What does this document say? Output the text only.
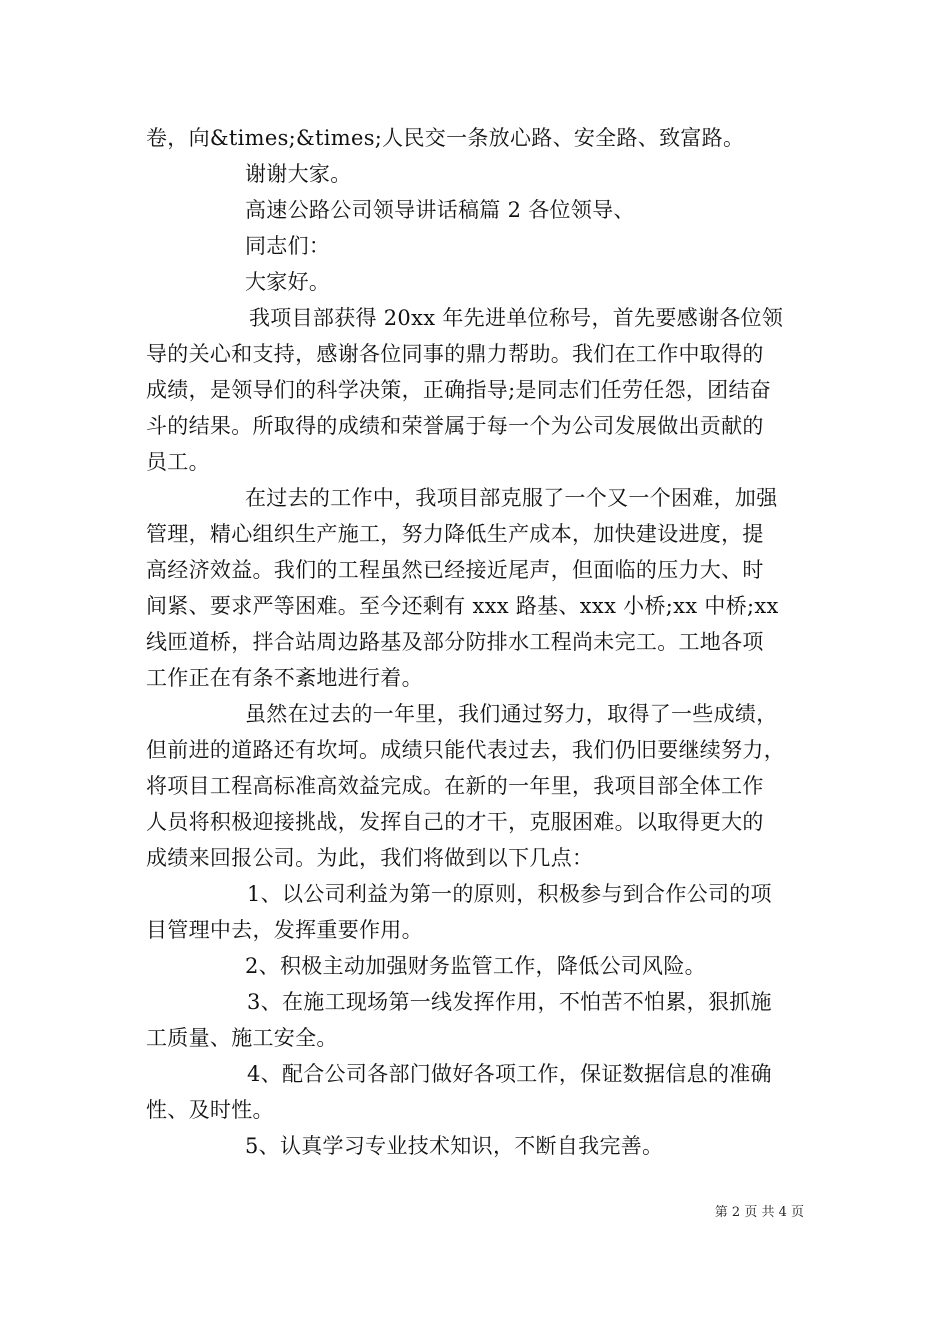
卷，向&times;&times;人民交一条放心路、安全路、致富路。
谢谢大家。
高速公路公司领导讲话稿篇 2 各位领导、
同志们：
大家好。
我项目部获得 20xx 年先进单位称号，首先要感谢各位领
导的关心和支持，感谢各位同事的鼎力帮助。我们在工作中取得的
成绩，是领导们的科学决策，正确指导;是同志们任劳任怨，团结奋
斗的结果。所取得的成绩和荣誉属于每一个为公司发展做出贡献的
员工。
在过去的工作中，我项目部克服了一个又一个困难，加强
管理，精心组织生产施工，努力降低生产成本，加快建设进度，提
高经济效益。我们的工程虽然已经接近尾声，但面临的压力大、时
间紧、要求严等困难。至今还剩有 xxx 路基、xxx 小桥;xx 中桥;xx
线匝道桥，拌合站周边路基及部分防排水工程尚未完工。工地各项
工作正在有条不紊地进行着。
虽然在过去的一年里，我们通过努力，取得了一些成绩，
但前进的道路还有坎坷。成绩只能代表过去，我们仍旧要继续努力，
将项目工程高标准高效益完成。在新的一年里，我项目部全体工作
人员将积极迎接挑战，发挥自己的才干，克服困难。以取得更大的
成绩来回报公司。为此，我们将做到以下几点：
1、以公司利益为第一的原则，积极参与到合作公司的项
目管理中去，发挥重要作用。
2、积极主动加强财务监管工作，降低公司风险。
3、在施工现场第一线发挥作用，不怕苦不怕累，狠抓施
工质量、施工安全。
4、配合公司各部门做好各项工作，保证数据信息的准确
性、及时性。
5、认真学习专业技术知识，不断自我完善。
第 2 页 共 4 页
